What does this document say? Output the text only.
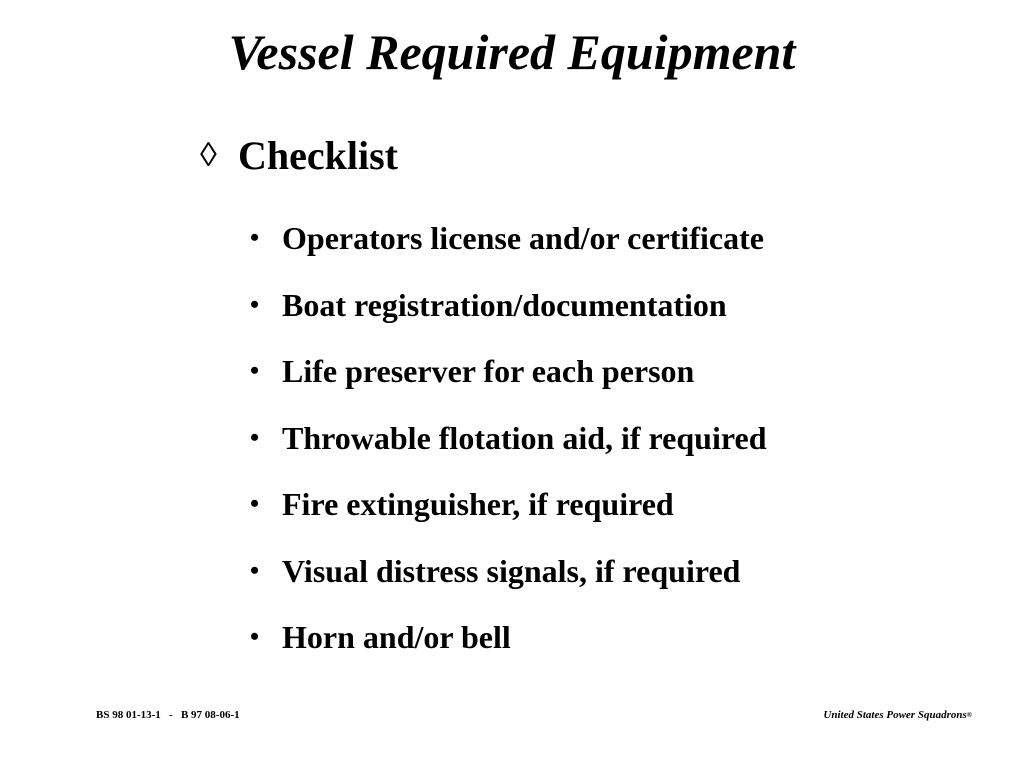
Vessel Required Equipment
◊ Checklist
• Operators license and/or certificate
• Boat registration/documentation
• Life preserver for each person
• Throwable flotation aid, if required
• Fire extinguisher, if required
• Visual distress signals, if required
• Horn and/or bell
BS 98 01-13-1   -   B 97 08-06-1	United States Power Squadrons®
